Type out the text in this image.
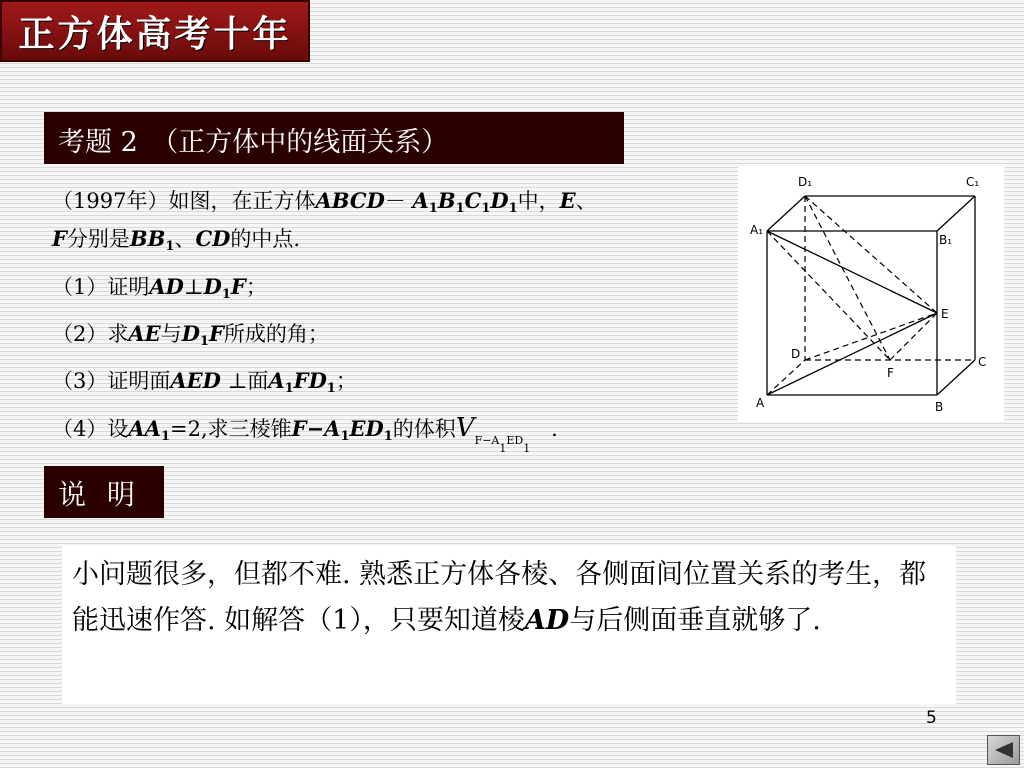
正方体高考十年
考题 2　（正方体中的线面关系）

（1997年）如图，在正方体ABCD－ $A_1B_1C_1D_1$中，E、
F分别是$BB_1$、CD的中点.

（1）证明$AD\perp D_1F$；

（2）求AE与$D_1F$所成的角；

（3）证明面AED ⊥面$A_1FD_1$；

（4）设$AA_1=2$,求三棱锥$F-A_1ED_1$的体积$V_{F-A_1ED_1}$　．

D₁	C₁
A₁
B₁
E
D
C
F
A	B
说 明
小问题很多，但都不难. 熟悉正方体各棱、各侧面间位置关系的考生，都能迅速作答. 如解答（1），只要知道棱AD与后侧面垂直就够了.
5
